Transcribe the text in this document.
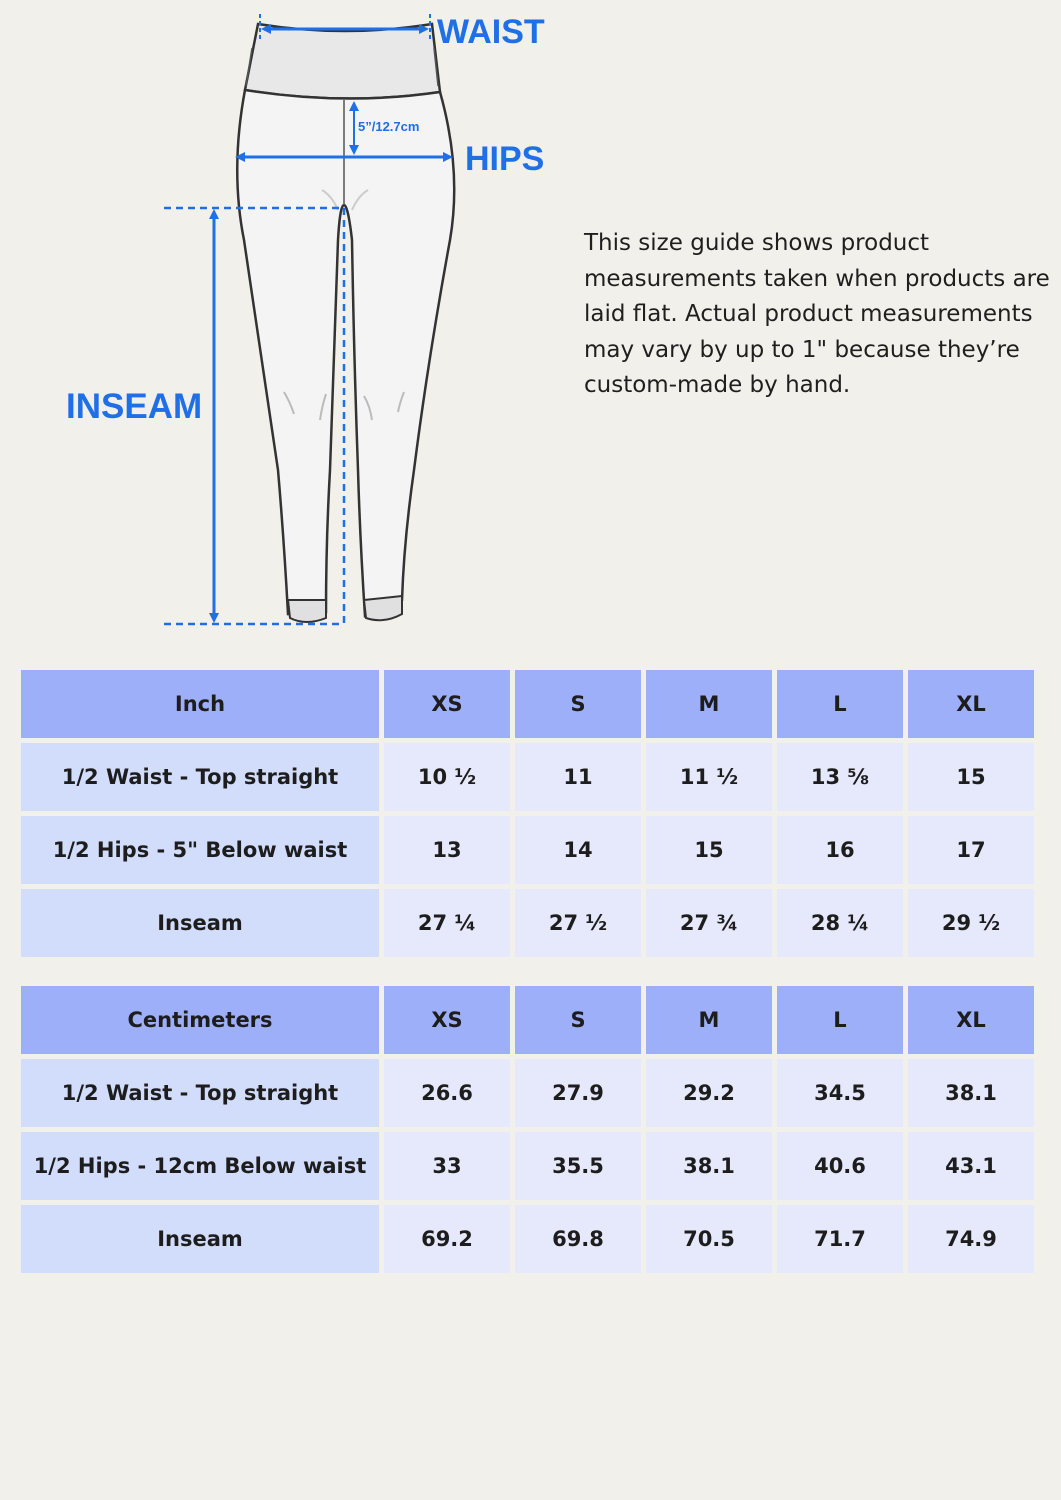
WAIST
5”/12.7cm
HIPS
INSEAM

This size guide shows product measurements taken when products are laid flat. Actual product measurements may vary by up to 1" because they’re custom-made by hand.

Inch	XS	S	M	L	XL
1/2 Waist - Top straight	10 ½	11	11 ½	13 ⅝	15
1/2 Hips - 5" Below waist	13	14	15	16	17
Inseam	27 ¼	27 ½	27 ¾	28 ¼	29 ½
Centimeters	XS	S	M	L	XL
1/2 Waist - Top straight	26.6	27.9	29.2	34.5	38.1
1/2 Hips - 12cm Below waist	33	35.5	38.1	40.6	43.1
Inseam	69.2	69.8	70.5	71.7	74.9
